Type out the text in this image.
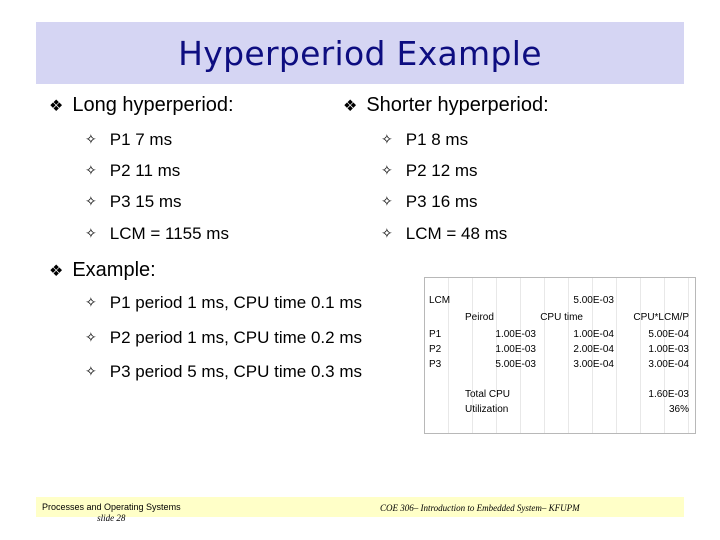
Hyperperiod Example
❖ Long hyperperiod:
✧ P1 7 ms
✧ P2 11 ms
✧ P3 15 ms
✧ LCM = 1155 ms
❖ Shorter hyperperiod:
✧ P1 8 ms
✧ P2 12 ms
✧ P3 16 ms
✧ LCM = 48 ms
❖ Example:
✧ P1 period 1 ms, CPU time 0.1 ms
✧ P2 period 1 ms, CPU time 0.2 ms
✧ P3 period 5 ms, CPU time 0.3 ms
LCM	5.00E-03
Peirod	CPU time	CPU*LCM/P
P1	1.00E-03	1.00E-04	5.00E-04
P2	1.00E-03	2.00E-04	1.00E-03
P3	5.00E-03	3.00E-04	3.00E-04
Total CPU	1.60E-03
Utilization	36%
Processes and Operating Systems
slide 28
COE 306– Introduction to Embedded System– KFUPM
